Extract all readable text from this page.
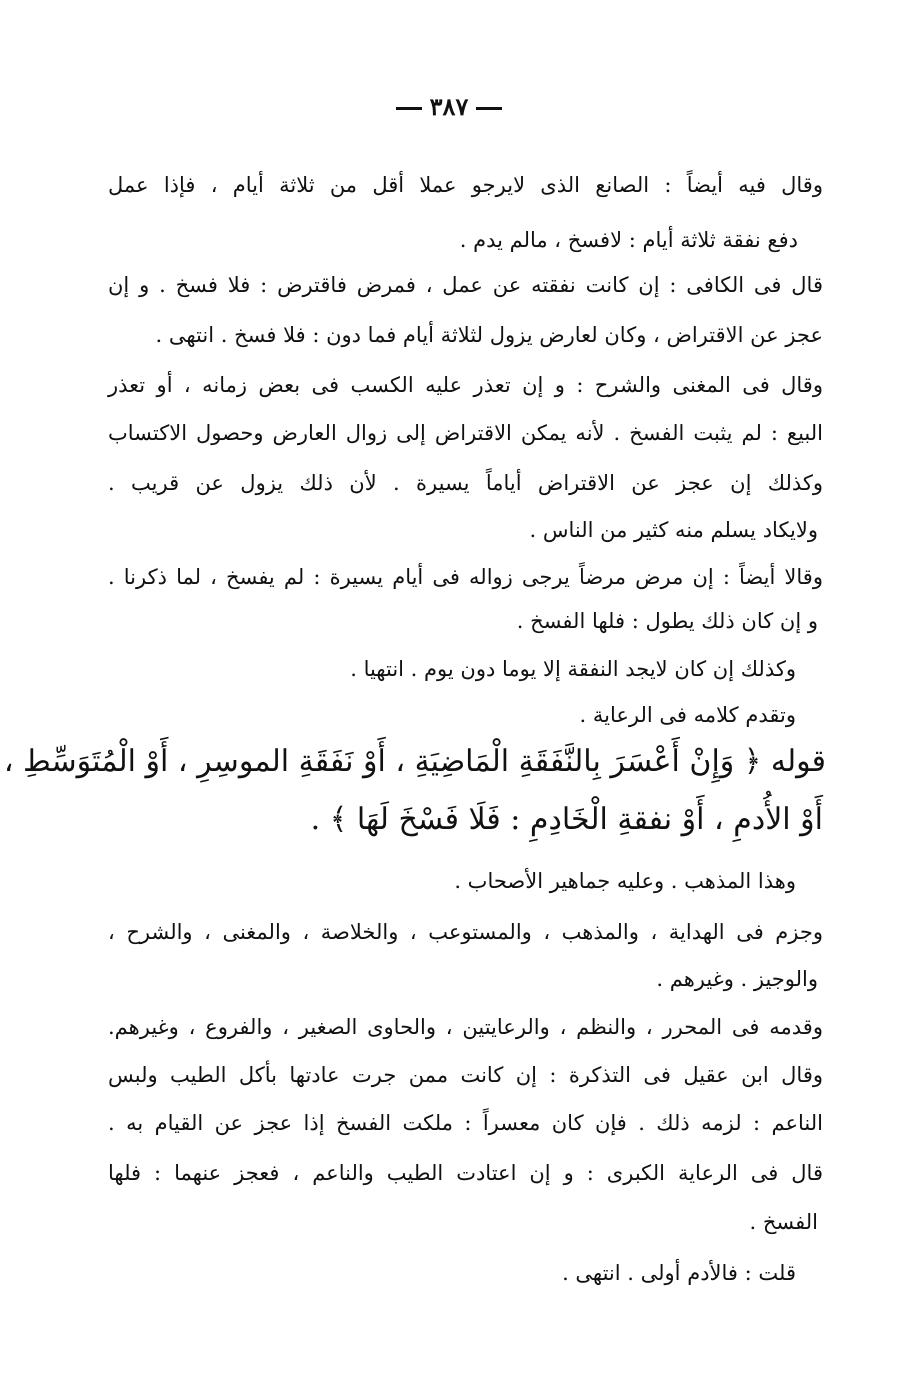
٣٨٧
وقال فيه أيضاً : الصانع الذى لايرجو عملا أقل من ثلاثة أيام ، فإذا عمل
دفع نفقة ثلاثة أيام : لافسخ ، مالم يدم .
قال فى الكافى : إن كانت نفقته عن عمل ، فمرض فاقترض : فلا فسخ . و إن
عجز عن الاقتراض ، وكان لعارض يزول لثلاثة أيام فما دون : فلا فسخ . انتهى .
وقال فى المغنى والشرح : و إن تعذر عليه الكسب فى بعض زمانه ، أو تعذر
البيع : لم يثبت الفسخ . لأنه يمكن الاقتراض إلى زوال العارض وحصول الاكتساب
وكذلك إن عجز عن الاقتراض أياماً يسيرة . لأن ذلك يزول عن قريب .
ولايكاد يسلم منه كثير من الناس .
وقالا أيضاً : إن مرض مرضاً يرجى زواله فى أيام يسيرة : لم يفسخ ، لما ذكرنا .
و إن كان ذلك يطول : فلها الفسخ .
وكذلك إن كان لايجد النفقة إلا يوما دون يوم . انتهيا .
وتقدم كلامه فى الرعاية .
قوله ﴿ وَإِنْ أَعْسَرَ بِالنَّفَقَةِ الْمَاضِيَةِ ، أَوْ نَفَقَةِ الموسِرِ ، أَوْ الْمُتَوَسِّطِ ،
أَوْ الأُدمِ ، أَوْ نفقةِ الْخَادِمِ : فَلَا فَسْخَ لَهَا ﴾ .
وهذا المذهب . وعليه جماهير الأصحاب .
وجزم فى الهداية ، والمذهب ، والمستوعب ، والخلاصة ، والمغنى ، والشرح ،
والوجيز . وغيرهم .
وقدمه فى المحرر ، والنظم ، والرعايتين ، والحاوى الصغير ، والفروع ، وغيرهم.
وقال ابن عقيل فى التذكرة : إن كانت ممن جرت عادتها بأكل الطيب ولبس
الناعم : لزمه ذلك . فإن كان معسراً : ملكت الفسخ إذا عجز عن القيام به .
قال فى الرعاية الكبرى : و إن اعتادت الطيب والناعم ، فعجز عنهما : فلها
الفسخ .
قلت : فالأدم أولى . انتهى .
